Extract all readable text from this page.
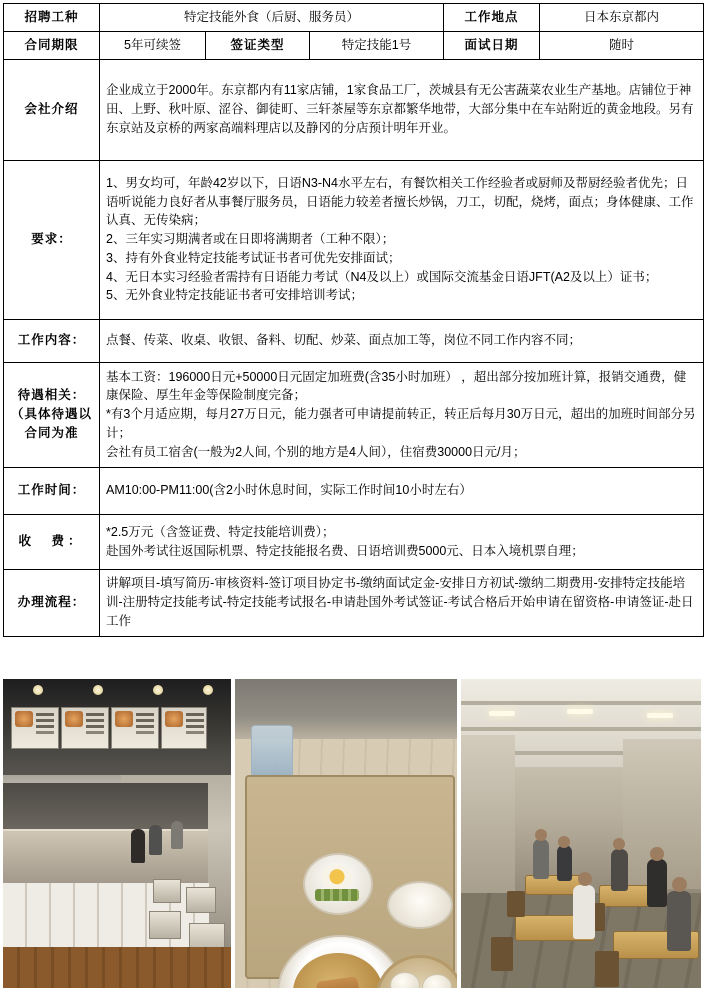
招聘工种	特定技能外食（后厨、服务员）			工作地点	日本东京都内
合同期限	5年可续签	签证类型	特定技能1号	面试日期	随时
会社介绍	企业成立于2000年。东京都内有11家店铺，1家食品工厂，茨城县有无公害蔬菜农业生产基地。店铺位于神田、上野、秋叶原、涩谷、御徒町、三轩茶屋等东京都繁华地带，大部分集中在车站附近的黄金地段。另有东京站及京桥的两家高端料理店以及静冈的分店预计明年开业。				
要求：	1、男女均可，年龄42岁以下，日语N3-N4水平左右，有餐饮相关工作经验者或厨师及帮厨经验者优先；日语听说能力良好者从事餐厅服务员，日语能力较差者擅长炒锅，刀工，切配，烧烤，面点；身体健康、工作认真、无传染病；

2、三年实习期满者或在日即将满期者（工种不限）；

3、持有外食业特定技能考试证书者可优先安排面试；

4、无日本实习经验者需持有日语能力考试（N4及以上）或国际交流基金日语JFT(A2及以上）证书；

5、无外食业特定技能证书者可安排培训考试；				

工作内容：	点餐、传菜、收桌、收银、备料、切配、炒菜、面点加工等，岗位不同工作内容不同；				
待遇相关：（具体待遇以合同为准	基本工资：196000日元+50000日元固定加班费(含35小时加班） ，超出部分按加班计算，报销交通费，健康保险、厚生年金等保险制度完备；

*有3个月适应期，每月27万日元，能力强者可申请提前转正，转正后每月30万日元，超出的加班时间部分另计；

会社有员工宿舍(一般为2人间, 个别的地方是4人间），住宿费30000日元/月；				

工作时间：	AM10:00-PM11:00(含2小时休息时间，实际工作时间10小时左右）				
收　费：	*2.5万元（含签证费、特定技能培训费）；

赴国外考试往返国际机票、特定技能报名费、日语培训费5000元、日本入境机票自理；				

办理流程：	讲解项目-填写简历-审核资料-签订项目协定书-缴纳面试定金-安排日方初试-缴纳二期费用-安排特定技能培训-注册特定技能考试-特定技能考试报名-申请赴国外考试签证-考试合格后开始申请在留资格-申请签证-赴日工作				
